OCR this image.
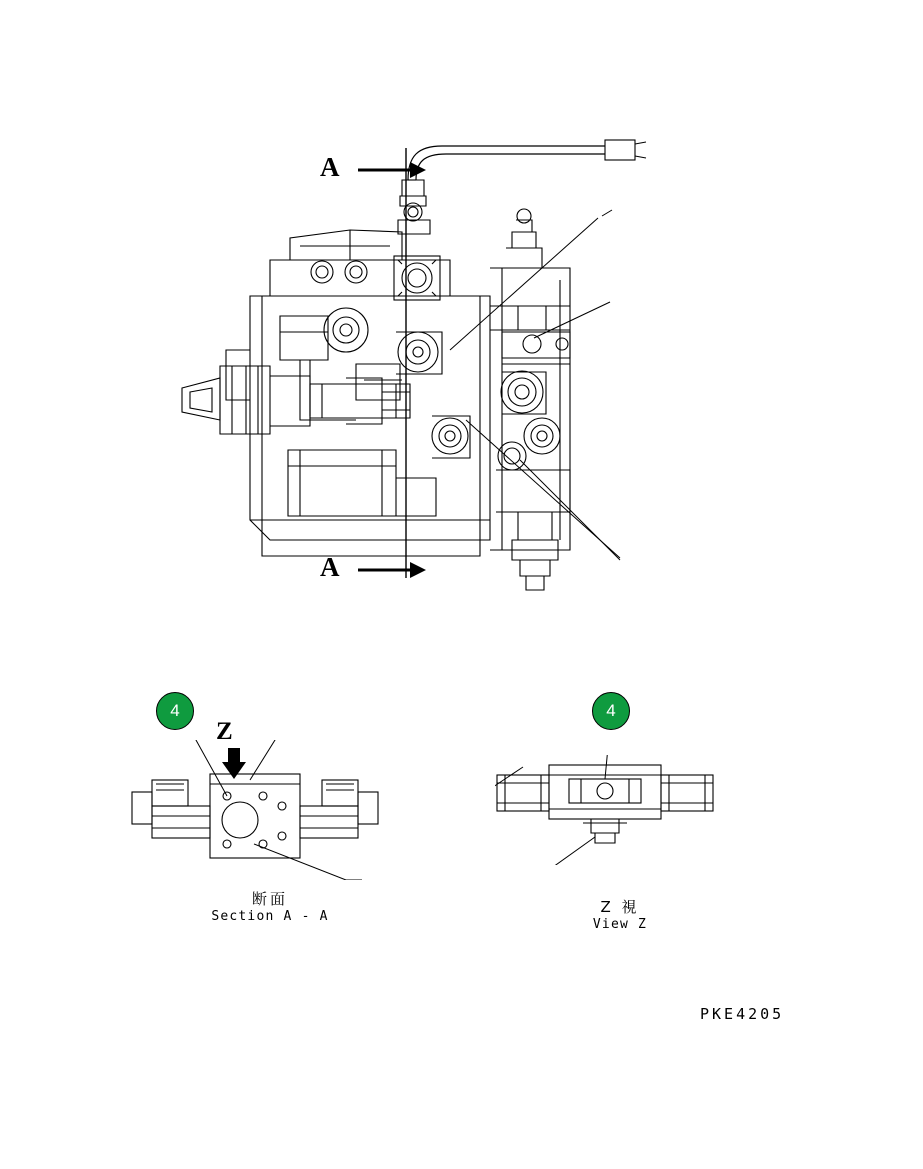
A
A
4
Z
断面
Section A - A
4
Z 視
View Z
PKE4205
